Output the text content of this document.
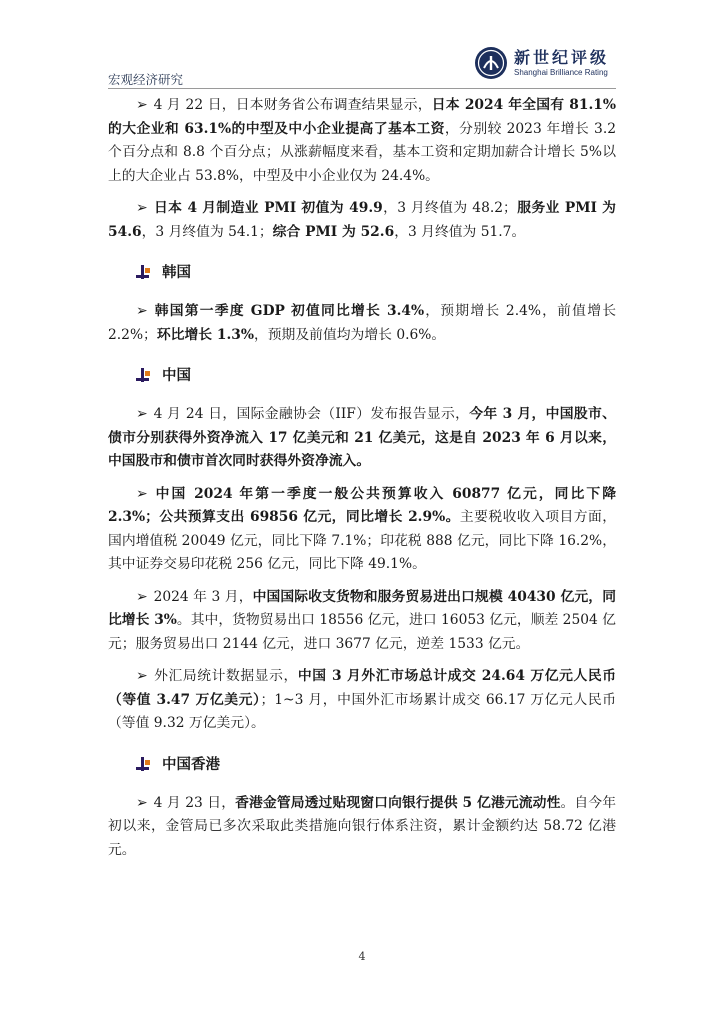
宏观经济研究
新世纪评级
Shanghai Brilliance Rating

➢ 4 月 22 日，日本财务省公布调查结果显示，日本 2024 年全国有 81.1%的大企业和 63.1%的中型及中小企业提高了基本工资，分别较 2023 年增长 3.2 个百分点和 8.8 个百分点；从涨薪幅度来看，基本工资和定期加薪合计增长 5%以上的大企业占 53.8%，中型及中小企业仅为 24.4%。

➢ 日本 4 月制造业 PMI 初值为 49.9，3 月终值为 48.2；服务业 PMI 为 54.6，3 月终值为 54.1；综合 PMI 为 52.6，3 月终值为 51.7。

韩国

➢ 韩国第一季度 GDP 初值同比增长 3.4%，预期增长 2.4%，前值增长 2.2%；环比增长 1.3%，预期及前值均为增长 0.6%。

中国

➢ 4 月 24 日，国际金融协会（IIF）发布报告显示，今年 3 月，中国股市、债市分别获得外资净流入 17 亿美元和 21 亿美元，这是自 2023 年 6 月以来，中国股市和债市首次同时获得外资净流入。

➢ 中国 2024 年第一季度一般公共预算收入 60877 亿元，同比下降 2.3%；公共预算支出 69856 亿元，同比增长 2.9%。主要税收收入项目方面，国内增值税 20049 亿元，同比下降 7.1%；印花税 888 亿元，同比下降 16.2%，其中证券交易印花税 256 亿元，同比下降 49.1%。

➢ 2024 年 3 月，中国国际收支货物和服务贸易进出口规模 40430 亿元，同比增长 3%。其中，货物贸易出口 18556 亿元，进口 16053 亿元，顺差 2504 亿元；服务贸易出口 2144 亿元，进口 3677 亿元，逆差 1533 亿元。

➢ 外汇局统计数据显示，中国 3 月外汇市场总计成交 24.64 万亿元人民币（等值 3.47 万亿美元）；1~3 月，中国外汇市场累计成交 66.17 万亿元人民币（等值 9.32 万亿美元）。

中国香港

➢ 4 月 23 日，香港金管局透过贴现窗口向银行提供 5 亿港元流动性。自今年初以来，金管局已多次采取此类措施向银行体系注资，累计金额约达 58.72 亿港元。

4
